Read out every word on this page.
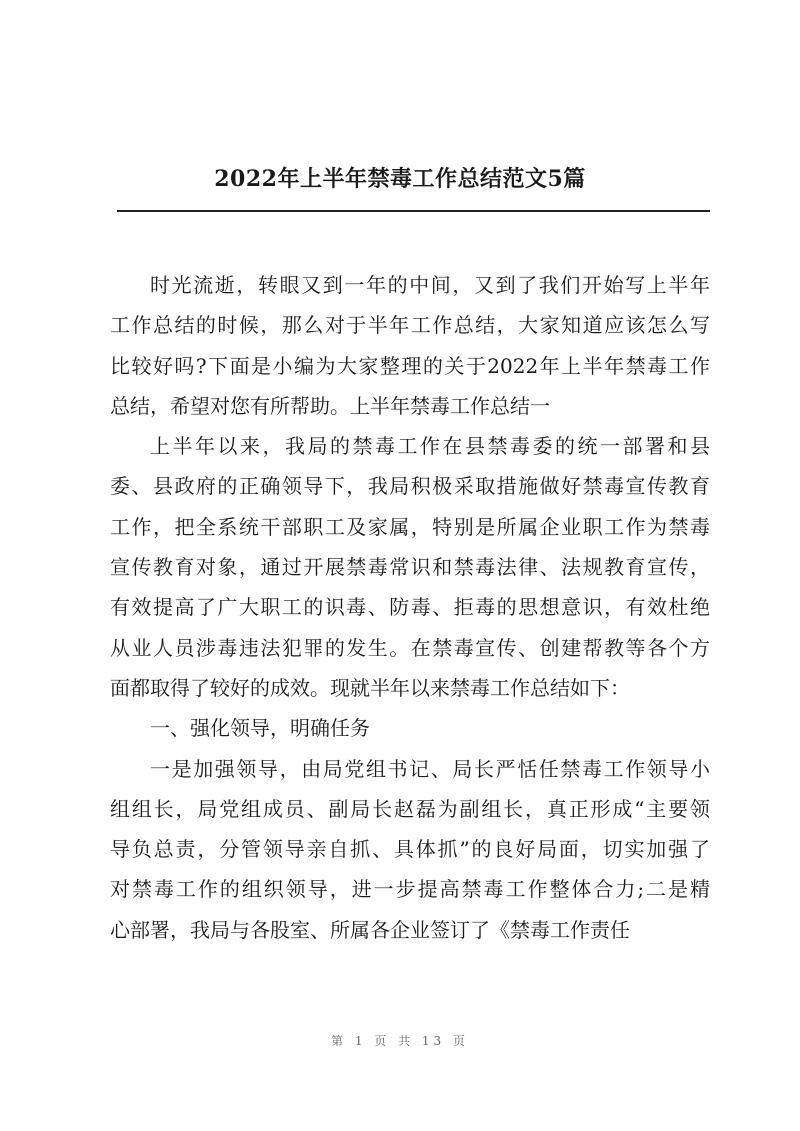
2022年上半年禁毒工作总结范文5篇
时光流逝，转眼又到一年的中间，又到了我们开始写上半年
工作总结的时候，那么对于半年工作总结，大家知道应该怎么写
比较好吗?下面是小编为大家整理的关于2022年上半年禁毒工作
总结，希望对您有所帮助。上半年禁毒工作总结一
上半年以来，我局的禁毒工作在县禁毒委的统一部署和县
委、县政府的正确领导下，我局积极采取措施做好禁毒宣传教育
工作，把全系统干部职工及家属，特别是所属企业职工作为禁毒
宣传教育对象，通过开展禁毒常识和禁毒法律、法规教育宣传，
有效提高了广大职工的识毒、防毒、拒毒的思想意识，有效杜绝
从业人员涉毒违法犯罪的发生。在禁毒宣传、创建帮教等各个方
面都取得了较好的成效。现就半年以来禁毒工作总结如下：
一、强化领导，明确任务
一是加强领导，由局党组书记、局长严恬任禁毒工作领导小
组组长，局党组成员、副局长赵磊为副组长，真正形成“主要领
导负总责，分管领导亲自抓、具体抓”的良好局面，切实加强了
对禁毒工作的组织领导，进一步提高禁毒工作整体合力;二是精
心部署，我局与各股室、所属各企业签订了《禁毒工作责任
第 1 页 共 13 页
